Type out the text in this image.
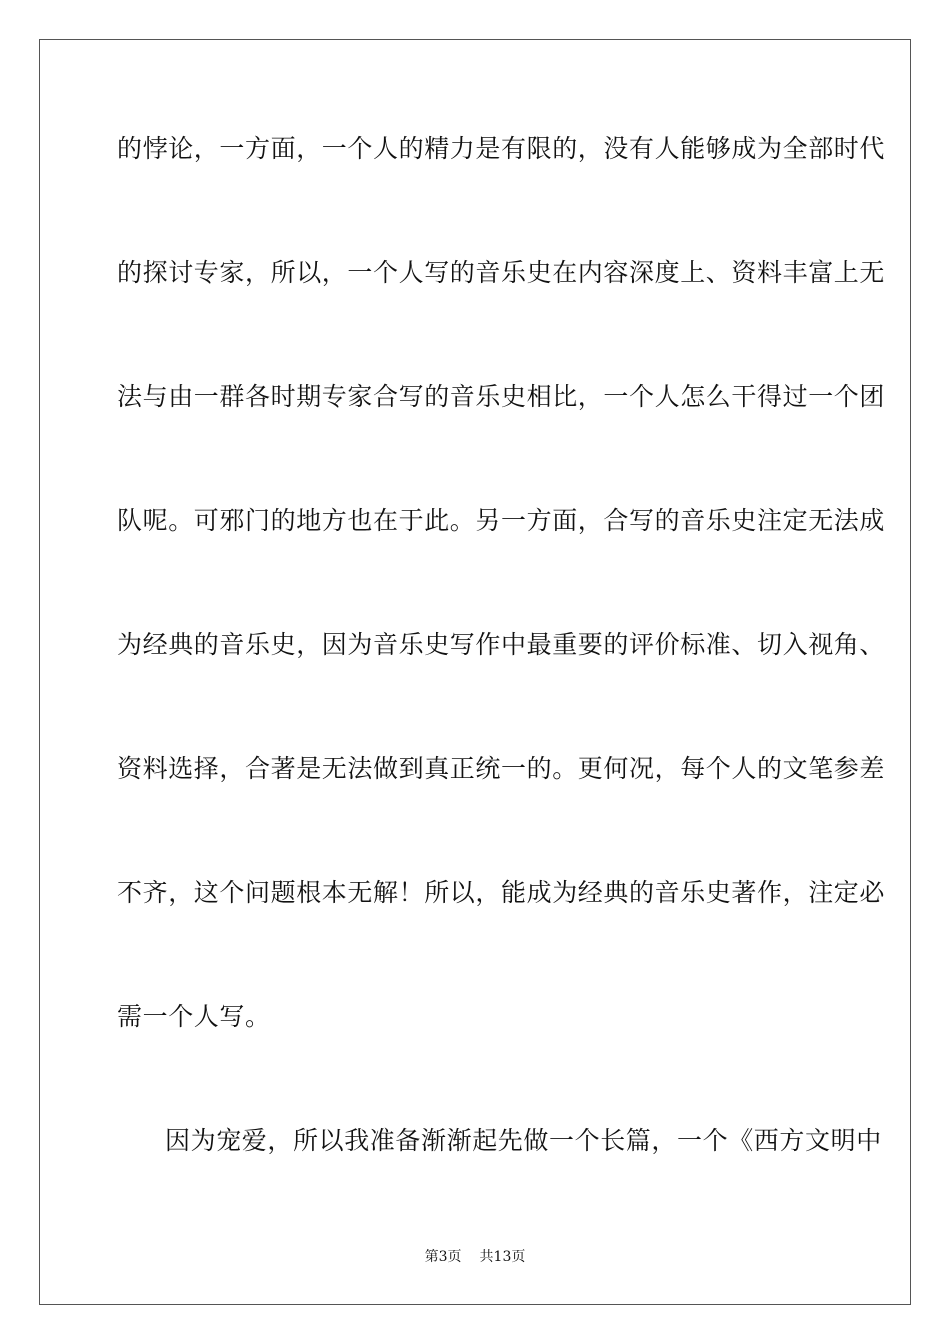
的悖论，一方面，一个人的精力是有限的，没有人能够成为全部时代
的探讨专家，所以，一个人写的音乐史在内容深度上、资料丰富上无
法与由一群各时期专家合写的音乐史相比，一个人怎么干得过一个团
队呢。可邪门的地方也在于此。另一方面，合写的音乐史注定无法成
为经典的音乐史，因为音乐史写作中最重要的评价标准、切入视角、
资料选择，合著是无法做到真正统一的。更何况，每个人的文笔参差
不齐，这个问题根本无解！所以，能成为经典的音乐史著作，注定必
需一个人写。
因为宠爱，所以我准备渐渐起先做一个长篇，一个《西方文明中
第3页 共13页
